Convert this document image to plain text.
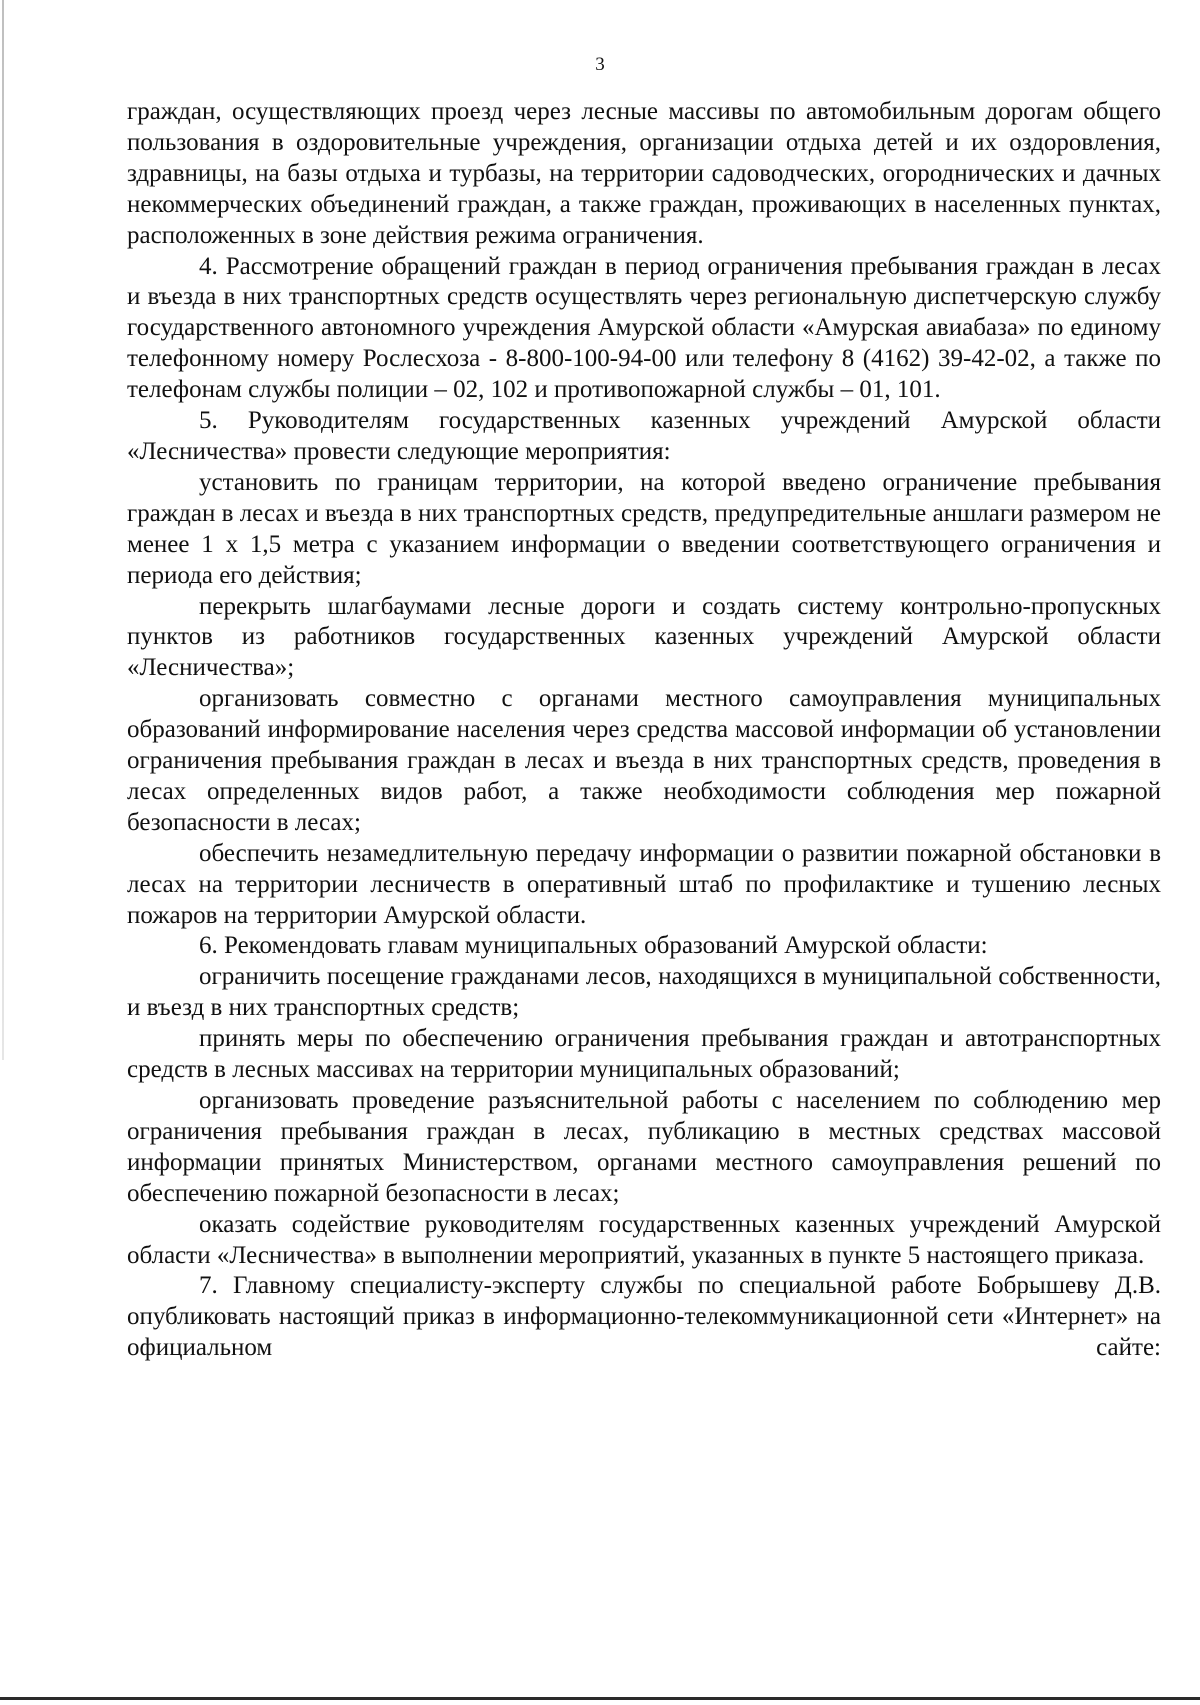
3

граждан, осуществляющих проезд через лесные массивы по автомобильным дорогам общего пользования в оздоровительные учреждения, организации отдыха детей и их оздоровления, здравницы, на базы отдыха и турбазы, на территории садоводческих, огороднических и дачных некоммерческих объединений граждан, а также граждан, проживающих в населенных пунктах, расположенных в зоне действия режима ограничения.

4. Рассмотрение обращений граждан в период ограничения пребывания граждан в лесах и въезда в них транспортных средств осуществлять через региональную диспетчерскую службу государственного автономного учреждения Амурской области «Амурская авиабаза» по единому телефонному номеру Рослесхоза - 8-800-100-94-00 или телефону 8 (4162) 39-42-02, а также по телефонам службы полиции – 02, 102 и противопожарной службы – 01, 101.

5. Руководителям государственных казенных учреждений Амурской области «Лесничества» провести следующие мероприятия:

установить по границам территории, на которой введено ограничение пребывания граждан в лесах и въезда в них транспортных средств, предупредительные аншлаги размером не менее 1 х 1,5 метра с указанием информации о введении соответствующего ограничения и периода его действия;

перекрыть шлагбаумами лесные дороги и создать систему контрольно-пропускных пунктов из работников государственных казенных учреждений Амурской области «Лесничества»;

организовать совместно с органами местного самоуправления муниципальных образований информирование населения через средства массовой информации об установлении ограничения пребывания граждан в лесах и въезда в них транспортных средств, проведения в лесах определенных видов работ, а также необходимости соблюдения мер пожарной безопасности в лесах;

обеспечить незамедлительную передачу информации о развитии пожарной обстановки в лесах на территории лесничеств в оперативный штаб по профилактике и тушению лесных пожаров на территории Амурской области.

6. Рекомендовать главам муниципальных образований Амурской области:

ограничить посещение гражданами лесов, находящихся в муниципальной собственности, и въезд в них транспортных средств;

принять меры по обеспечению ограничения пребывания граждан и автотранспортных средств в лесных массивах на территории муниципальных образований;

организовать проведение разъяснительной работы с населением по соблюдению мер ограничения пребывания граждан в лесах, публикацию в местных средствах массовой информации принятых Министерством, органами местного самоуправления решений по обеспечению пожарной безопасности в лесах;

оказать содействие руководителям государственных казенных учреждений Амурской области «Лесничества» в выполнении мероприятий, указанных в пункте 5 настоящего приказа.

7. Главному специалисту-эксперту службы по специальной работе Бобрышеву Д.В. опубликовать настоящий приказ в информационно-телекоммуникационной сети «Интернет» на официальном сайте:
